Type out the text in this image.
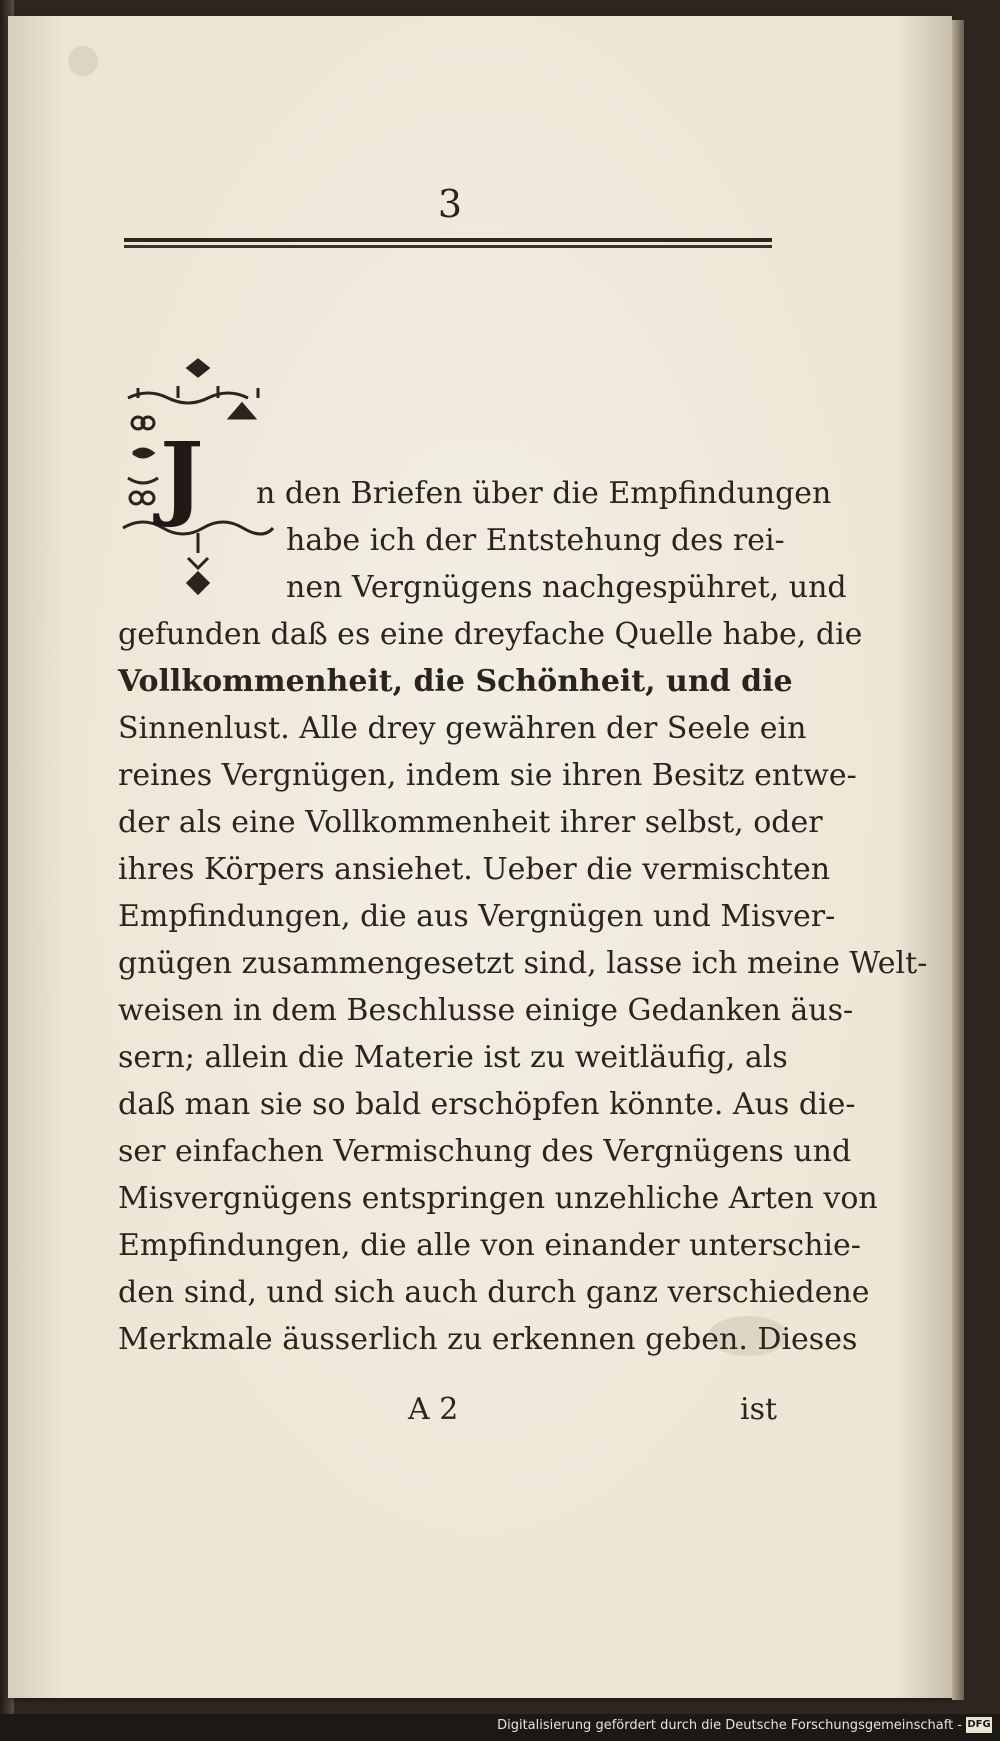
3
J	n den Briefen über die Empfindungen
habe ich der Entstehung des rei-
nen Vergnügens nachgespühret, und
gefunden daß es eine dreyfache Quelle habe, die
Vollkommenheit, die Schönheit, und die
Sinnenlust. Alle drey gewähren der Seele ein
reines Vergnügen, indem sie ihren Besitz entwe-
der als eine Vollkommenheit ihrer selbst, oder
ihres Körpers ansiehet. Ueber die vermischten
Empfindungen, die aus Vergnügen und Misver-
gnügen zusammengesetzt sind, lasse ich meine Welt-
weisen in dem Beschlusse einige Gedanken äus-
sern; allein die Materie ist zu weitläufig, als
daß man sie so bald erschöpfen könnte. Aus die-
ser einfachen Vermischung des Vergnügens und
Misvergnügens entspringen unzehliche Arten von
Empfindungen, die alle von einander unterschie-
den sind, und sich auch durch ganz verschiedene
Merkmale äusserlich zu erkennen geben. Dieses
A 2	ist
Digitalisierung gefördert durch die Deutsche Forschungsgemeinschaft - DFG
